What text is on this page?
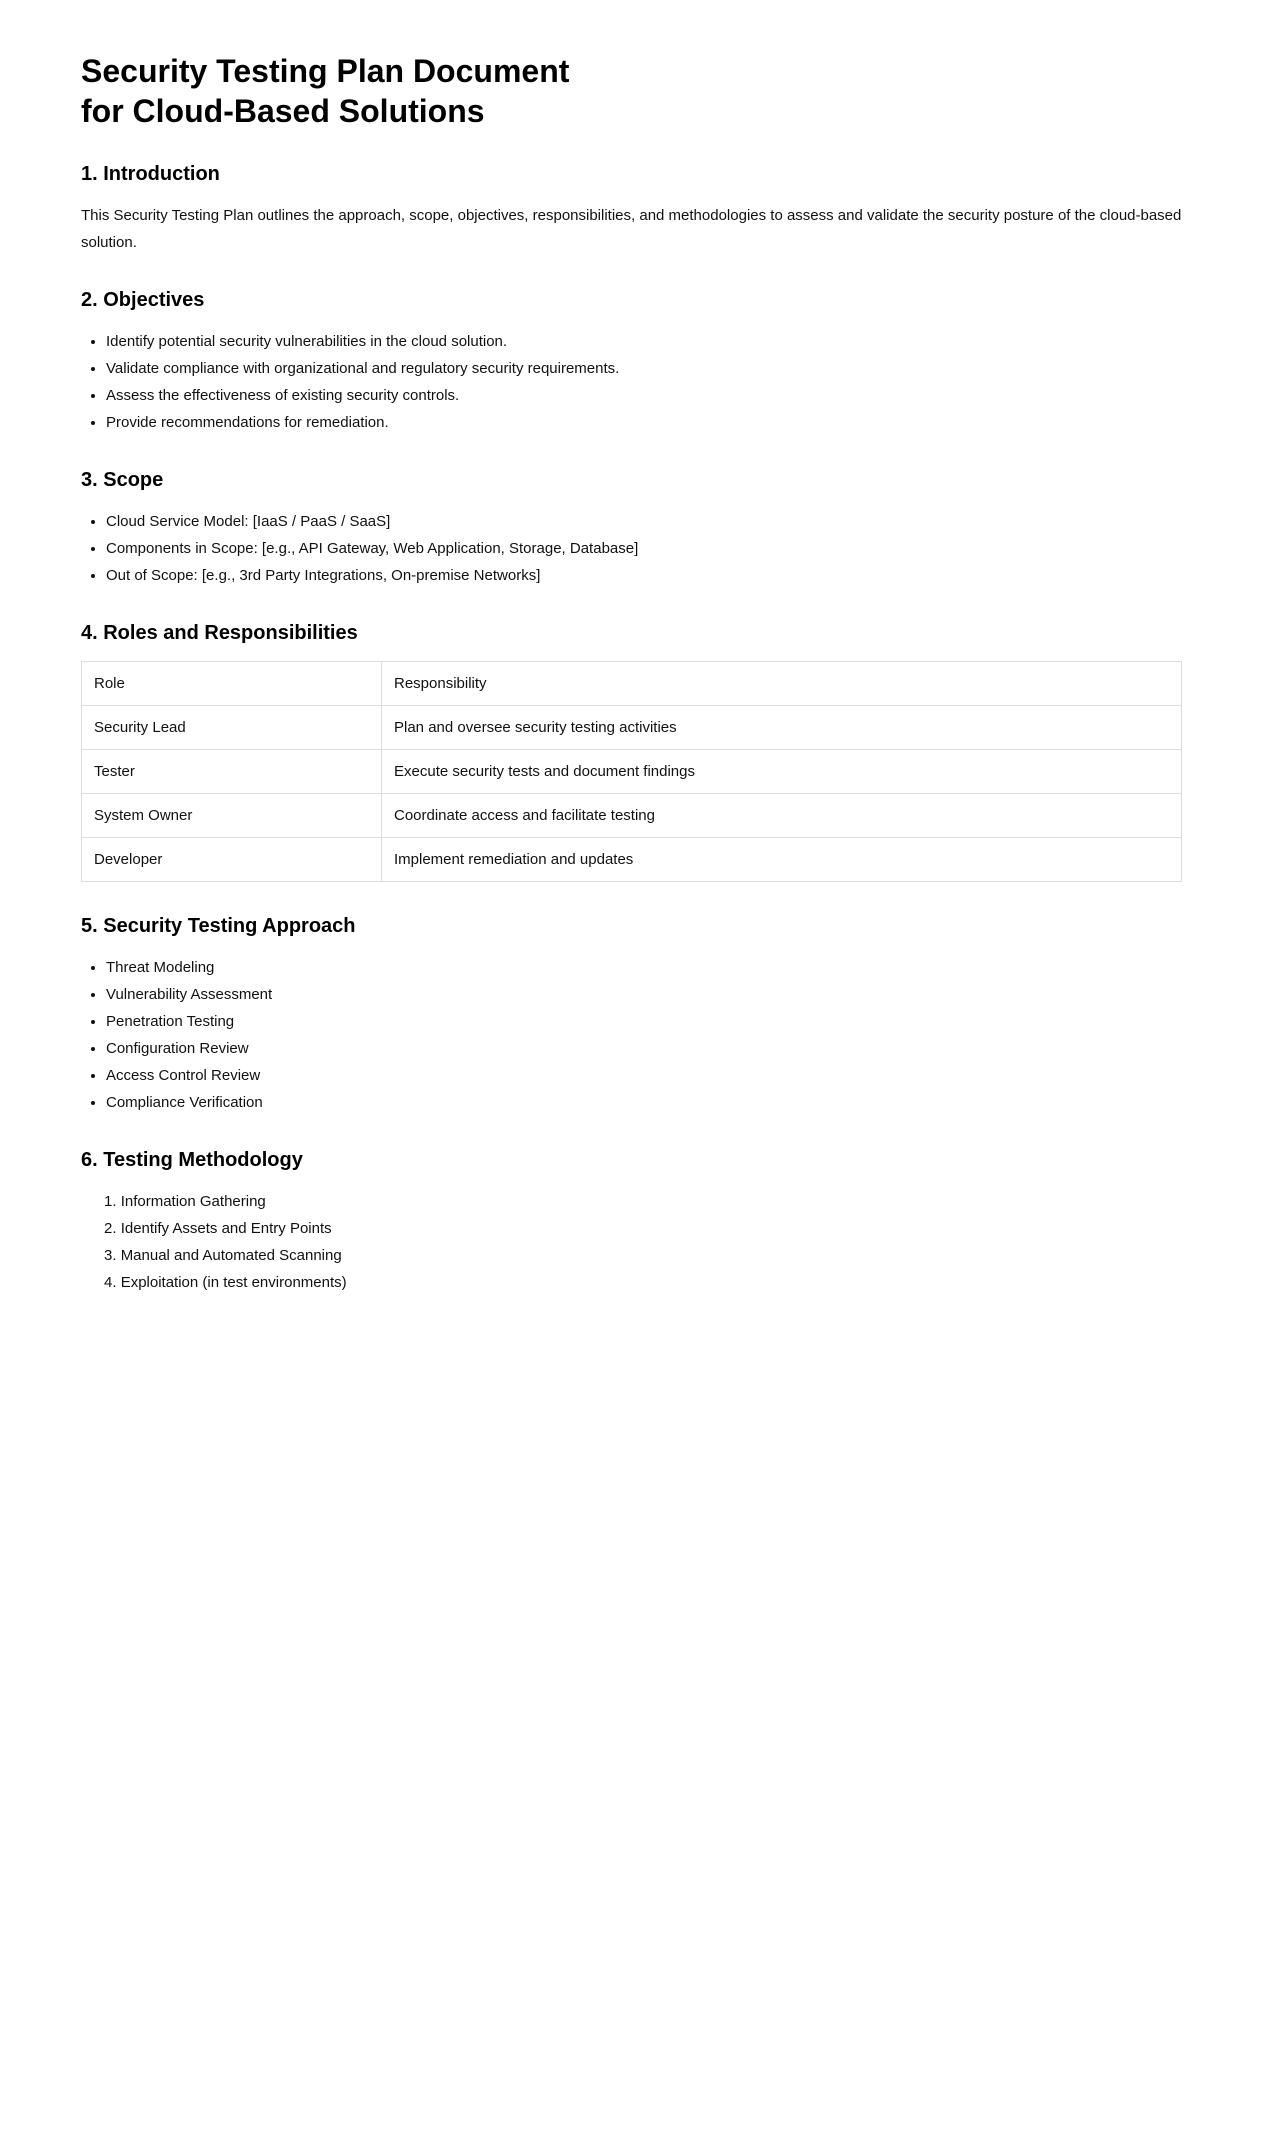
Security Testing Plan Document
for Cloud-Based Solutions
1. Introduction

This Security Testing Plan outlines the approach, scope, objectives, responsibilities, and methodologies to assess and validate the security posture of the cloud-based solution.

2. Objectives
• Identify potential security vulnerabilities in the cloud solution.
• Validate compliance with organizational and regulatory security requirements.
• Assess the effectiveness of existing security controls.
• Provide recommendations for remediation.
3. Scope
• Cloud Service Model: [IaaS / PaaS / SaaS]
• Components in Scope: [e.g., API Gateway, Web Application, Storage, Database]
• Out of Scope: [e.g., 3rd Party Integrations, On-premise Networks]
4. Roles and Responsibilities
Role	Responsibility
Security Lead	Plan and oversee security testing activities
Tester	Execute security tests and document findings
System Owner	Coordinate access and facilitate testing
Developer	Implement remediation and updates
5. Security Testing Approach
• Threat Modeling
• Vulnerability Assessment
• Penetration Testing
• Configuration Review
• Access Control Review
• Compliance Verification
6. Testing Methodology
1. Information Gathering
2. Identify Assets and Entry Points
3. Manual and Automated Scanning
4. Exploitation (in test environments)
